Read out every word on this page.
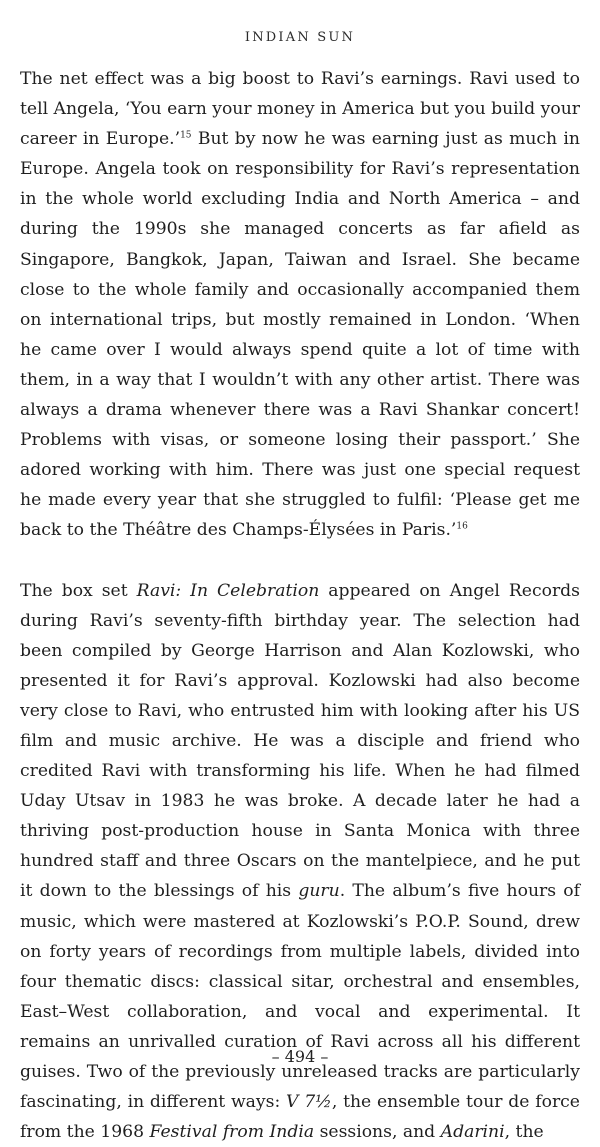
INDIAN SUN

The net effect was a big boost to Ravi’s earnings. Ravi used to tell Angela, ‘You earn your money in America but you build your career in Europe.’$^{15}$ But by now he was earning just as much in Europe. Angela took on responsibility for Ravi’s representation in the whole world excluding India and North America – and during the 1990s she managed concerts as far afield as Singapore, Bangkok, Japan, Taiwan and Israel. She became close to the whole family and occasionally accompanied them on international trips, but mostly remained in London. ‘When he came over I would always spend quite a lot of time with them, in a way that I wouldn’t with any other artist. There was always a drama whenever there was a Ravi Shankar concert! Problems with visas, or someone losing their passport.’ She adored working with him. There was just one special request he made every year that she struggled to fulfil: ‘Please get me back to the Théâtre des Champs-Élysées in Paris.’$^{16}$

The box set Ravi: In Celebration appeared on Angel Records during Ravi’s seventy-fifth birthday year. The selection had been compiled by George Harrison and Alan Kozlowski, who presented it for Ravi’s approval. Kozlowski had also become very close to Ravi, who entrusted him with looking after his US film and music archive. He was a disciple and friend who credited Ravi with transforming his life. When he had filmed Uday Utsav in 1983 he was broke. A decade later he had a thriving post-production house in Santa Monica with three hundred staff and three Oscars on the mantelpiece, and he put it down to the blessings of his guru. The album’s five hours of music, which were mastered at Kozlowski’s P.O.P. Sound, drew on forty years of recordings from multiple labels, divided into four thematic discs: classical sitar, orchestral and ensembles, East–West collaboration, and vocal and experimental. It remains an unrivalled curation of Ravi across all his different guises. Two of the previously unreleased tracks are particularly fascinating, in different ways: V 7½, the ensemble tour de force from the 1968 Festival from India sessions, and Adarini, the

– 494 –
